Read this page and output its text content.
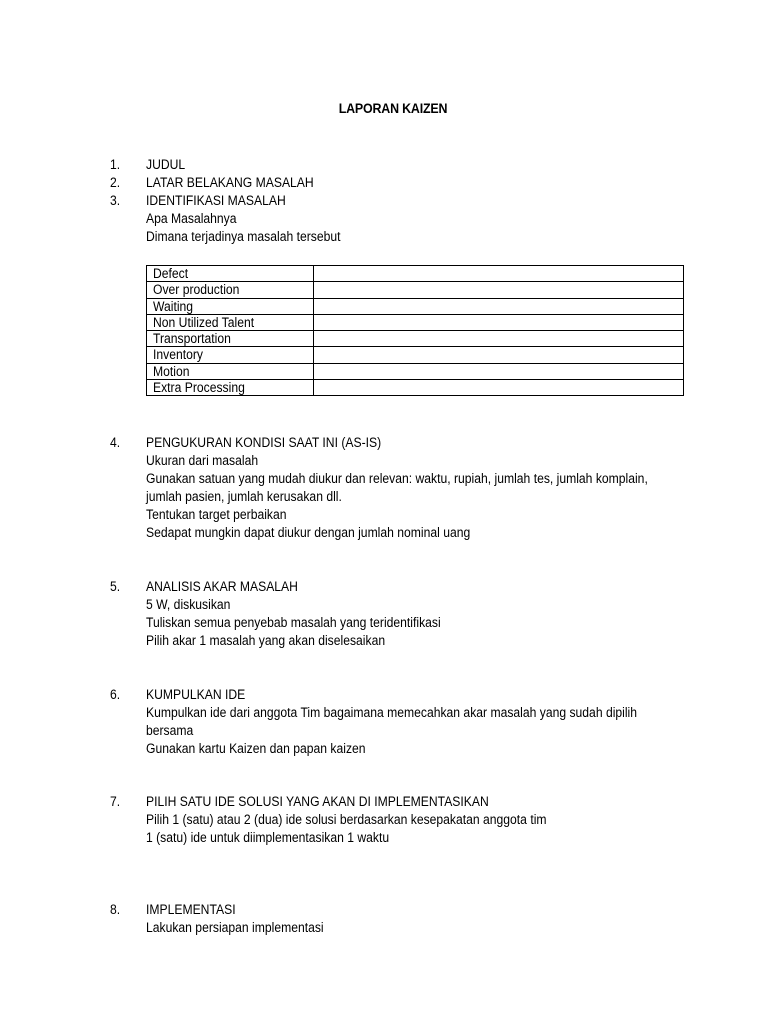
LAPORAN KAIZEN
1. JUDUL
2. LATAR BELAKANG MASALAH
3. IDENTIFIKASI MASALAH
Apa Masalahnya
Dimana terjadinya masalah tersebut
Defect	
Over production	
Waiting	
Non Utilized Talent	
Transportation	
Inventory	
Motion	
Extra Processing	
4. PENGUKURAN KONDISI SAAT INI (AS-IS)
Ukuran dari masalah
Gunakan satuan yang mudah diukur dan relevan: waktu, rupiah, jumlah tes, jumlah komplain,
jumlah pasien, jumlah kerusakan dll.
Tentukan target perbaikan
Sedapat mungkin dapat diukur dengan jumlah nominal uang
5. ANALISIS AKAR MASALAH
5 W, diskusikan
Tuliskan semua penyebab masalah yang teridentifikasi
Pilih akar 1 masalah yang akan diselesaikan
6. KUMPULKAN IDE
Kumpulkan ide dari anggota Tim bagaimana memecahkan akar masalah yang sudah dipilih
bersama
Gunakan kartu Kaizen dan papan kaizen
7. PILIH SATU IDE SOLUSI YANG AKAN DI IMPLEMENTASIKAN
Pilih 1 (satu) atau 2 (dua) ide solusi berdasarkan kesepakatan anggota tim
1 (satu) ide untuk diimplementasikan 1 waktu
8. IMPLEMENTASI
Lakukan persiapan implementasi
